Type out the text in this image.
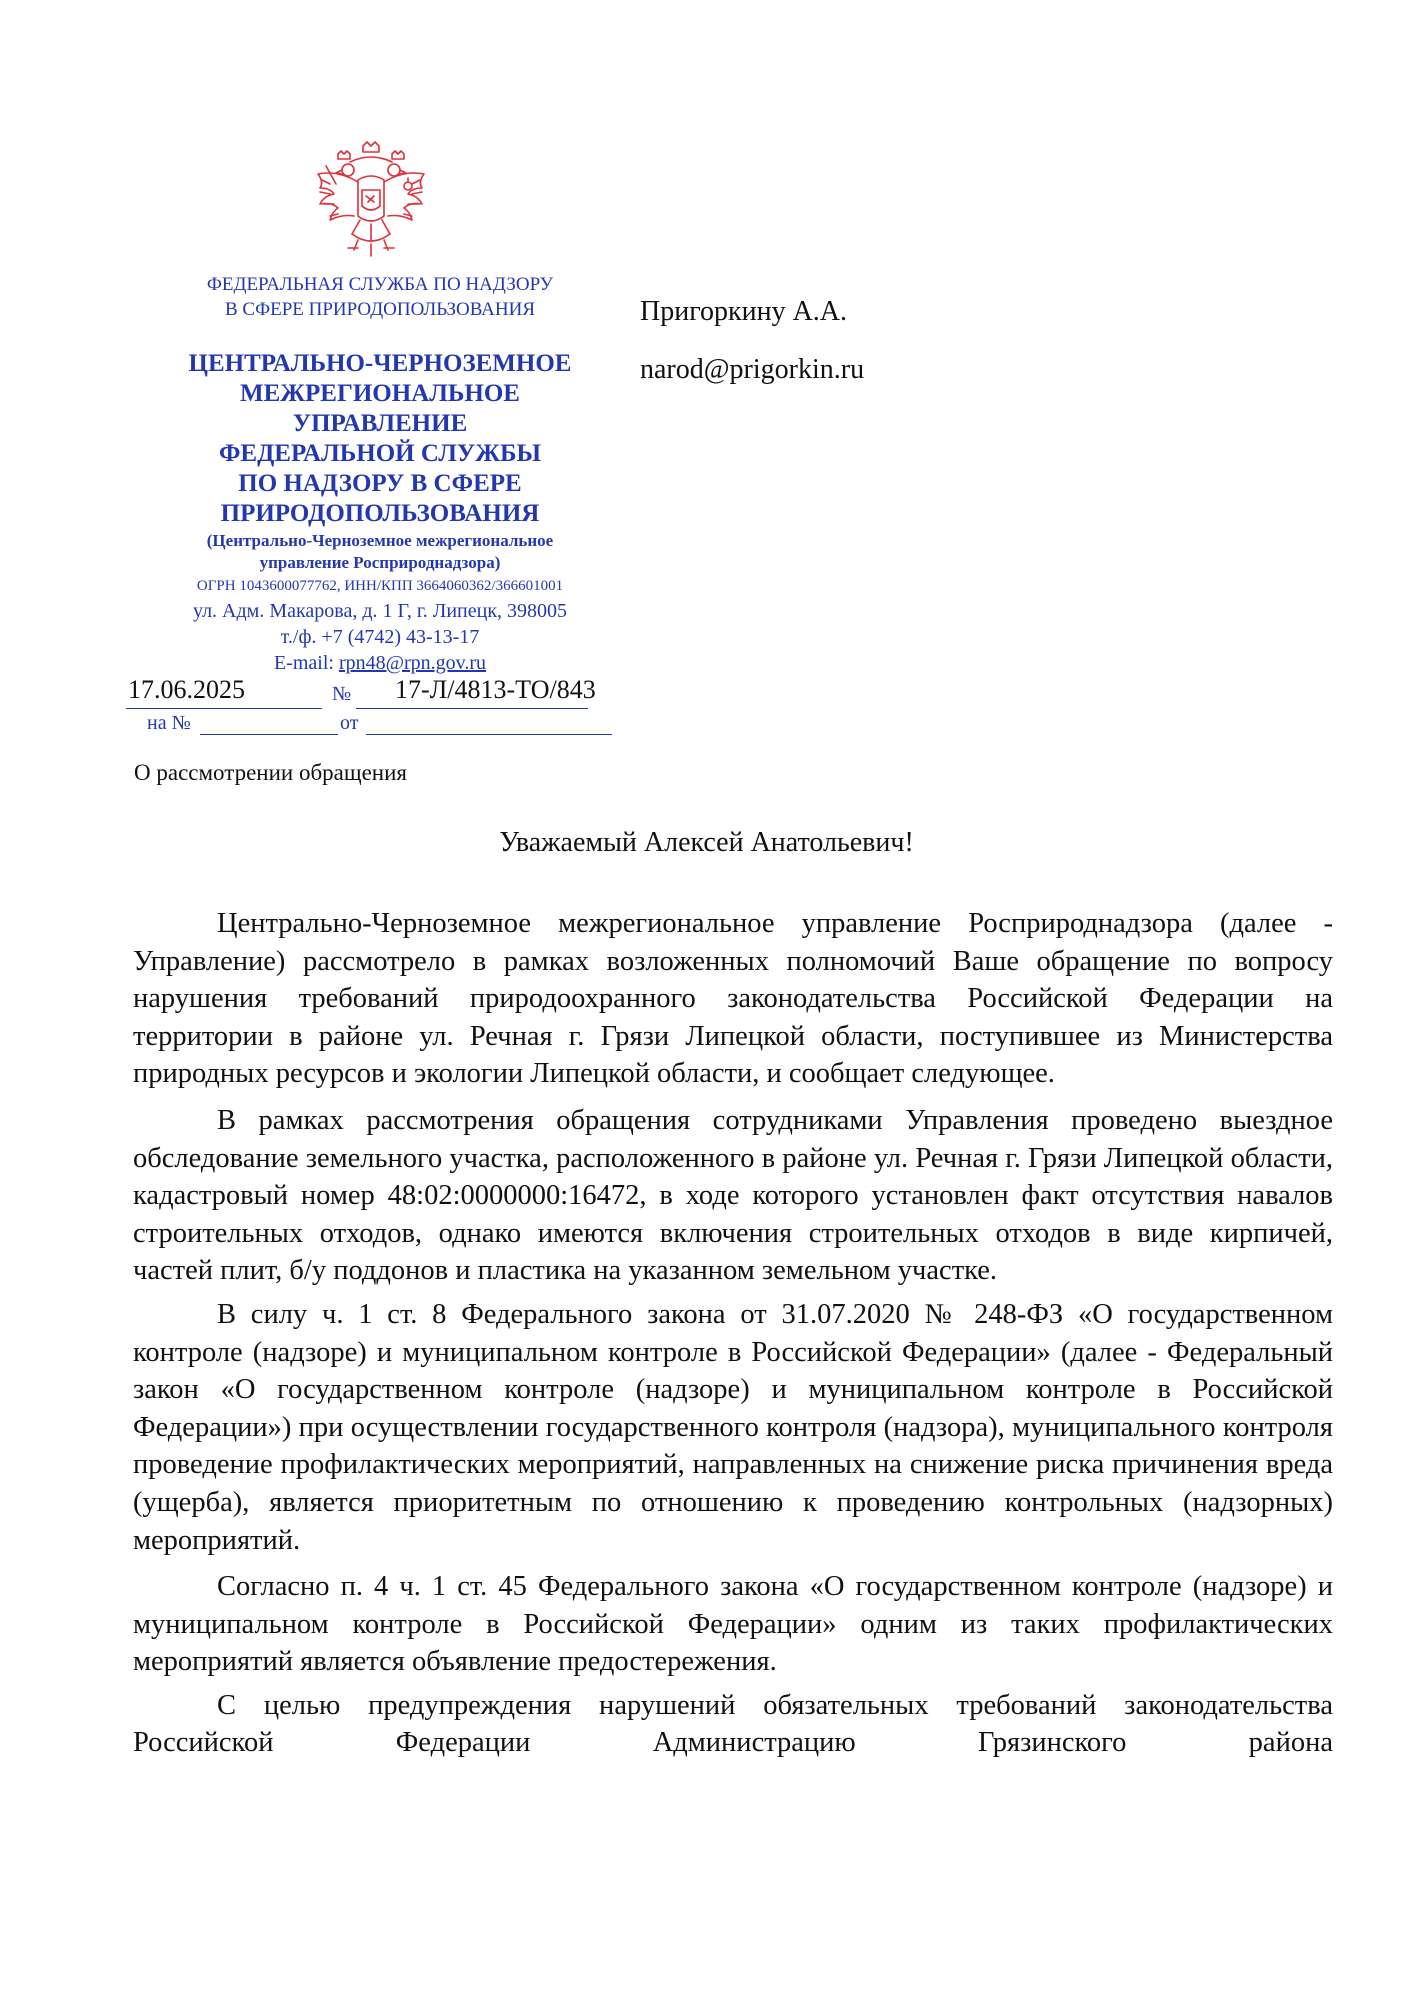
ФЕДЕРАЛЬНАЯ СЛУЖБА ПО НАДЗОРУ
В СФЕРЕ ПРИРОДОПОЛЬЗОВАНИЯ
ЦЕНТРАЛЬНО-ЧЕРНОЗЕМНОЕ
МЕЖРЕГИОНАЛЬНОЕ
УПРАВЛЕНИЕ
ФЕДЕРАЛЬНОЙ СЛУЖБЫ
ПО НАДЗОРУ В СФЕРЕ
ПРИРОДОПОЛЬЗОВАНИЯ
(Центрально-Черноземное межрегиональное
управление Росприроднадзора)
ОГРН 1043600077762, ИНН/КПП 3664060362/366601001
ул. Адм. Макарова, д. 1 Г, г. Липецк, 398005
т./ф. +7 (4742) 43-13-17
E-mail: rpn48@rpn.gov.ru
17.06.2025	№ 17-Л/4813-ТО/843
на №	от
Пригоркину А.А.
narod@prigorkin.ru
О рассмотрении обращения
Уважаемый Алексей Анатольевич!

Центрально-Черноземное межрегиональное управление Росприроднадзора (далее - Управление) рассмотрело в рамках возложенных полномочий Ваше обращение по вопросу нарушения требований природоохранного законодательства Российской Федерации на территории в районе ул. Речная г. Грязи Липецкой области, поступившее из Министерства природных ресурсов и экологии Липецкой области, и сообщает следующее.

В рамках рассмотрения обращения сотрудниками Управления проведено выездное обследование земельного участка, расположенного в районе ул. Речная г. Грязи Липецкой области, кадастровый номер 48:02:0000000:16472, в ходе которого установлен факт отсутствия навалов строительных отходов, однако имеются включения строительных отходов в виде кирпичей, частей плит, б/у поддонов и пластика на указанном земельном участке.

В силу ч. 1 ст. 8 Федерального закона от 31.07.2020 № 248-ФЗ «О государственном контроле (надзоре) и муниципальном контроле в Российской Федерации» (далее - Федеральный закон «О государственном контроле (надзоре) и муниципальном контроле в Российской Федерации») при осуществлении государственного контроля (надзора), муниципального контроля проведение профилактических мероприятий, направленных на снижение риска причинения вреда (ущерба), является приоритетным по отношению к проведению контрольных (надзорных) мероприятий.

Согласно п. 4 ч. 1 ст. 45 Федерального закона «О государственном контроле (надзоре) и муниципальном контроле в Российской Федерации» одним из таких профилактических мероприятий является объявление предостережения.

С целью предупреждения нарушений обязательных требований законодательства Российской Федерации Администрацию Грязинского района
